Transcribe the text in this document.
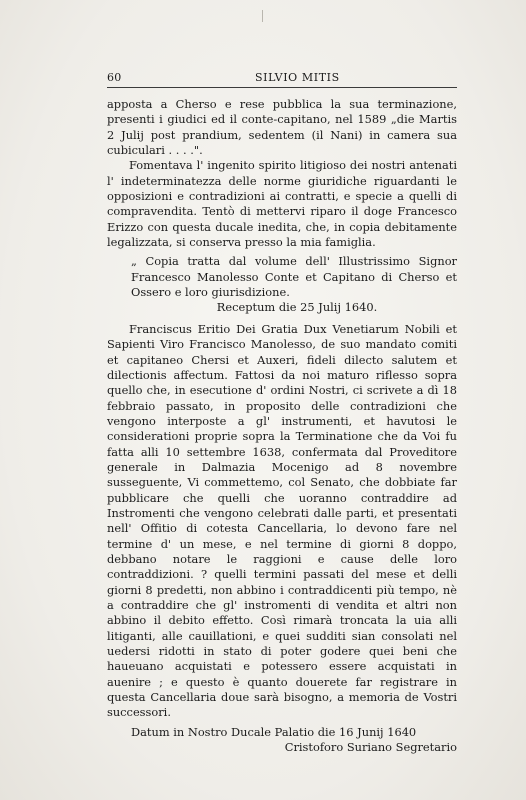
60	SILVIO MITIS

apposta a Cherso e rese pubblica la sua terminazione, presenti i giudici ed il conte-capitano, nel 1589 „die Martis 2 Julij post prandium, sedentem (il Nani) in camera sua cubiculari . . . .".

Fomentava l' ingenito spirito litigioso dei nostri antenati l' indeterminatezza delle norme giuridiche riguardanti le opposizioni e contradizioni ai contratti, e specie a quelli di compravendita. Tentò di mettervi riparo il doge Francesco Erizzo con questa ducale inedita, che, in copia debitamente legalizzata, si conserva presso la mia famiglia.

„ Copia tratta dal volume dell' Illustrissimo Signor Francesco Manolesso Conte et Capitano di Cherso et Ossero e loro giurisdizione.

Receptum die 25 Julij 1640.

Franciscus Eritio Dei Gratia Dux Venetiarum Nobili et Sapienti Viro Francisco Manolesso, de suo mandato comiti et capitaneo Chersi et Auxeri, fideli dilecto salutem et dilectionis affectum. Fattosi da noi maturo riflesso sopra quello che, in esecutione d' ordini Nostri, ci scrivete a dì 18 febbraio passato, in proposito delle contradizioni che vengono interposte a gl' instrumenti, et havutosi le considerationi proprie sopra la Terminatione che da Voi fu fatta alli 10 settembre 1638, confermata dal Proveditore generale in Dalmazia Mocenigo ad 8 novembre susseguente, Vi commettemo, col Senato, che dobbiate far pubblicare che quelli che uoranno contraddire ad Instromenti che vengono celebrati dalle parti, et presentati nell' Offitio di cotesta Cancellaria, lo devono fare nel termine d' un mese, e nel termine di giorni 8 doppo, debbano notare le raggioni e cause delle loro contraddizioni. ? quelli termini passati del mese et delli giorni 8 predetti, non abbino i contraddicenti più tempo, nè a contraddire che gl' instromenti di vendita et altri non abbino il debito effetto. Così rimarà troncata la uia alli litiganti, alle cauillationi, e quei sudditi sian consolati nel uedersi ridotti in stato di poter godere quei beni che haueuano acquistati e potessero essere acquistati in auenire ; e questo è quanto douerete far registrare in questa Cancellaria doue sarà bisogno, a memoria de Vostri successori.

Datum in Nostro Ducale Palatio die 16 Junij 1640
Cristoforo Suriano Segretario
